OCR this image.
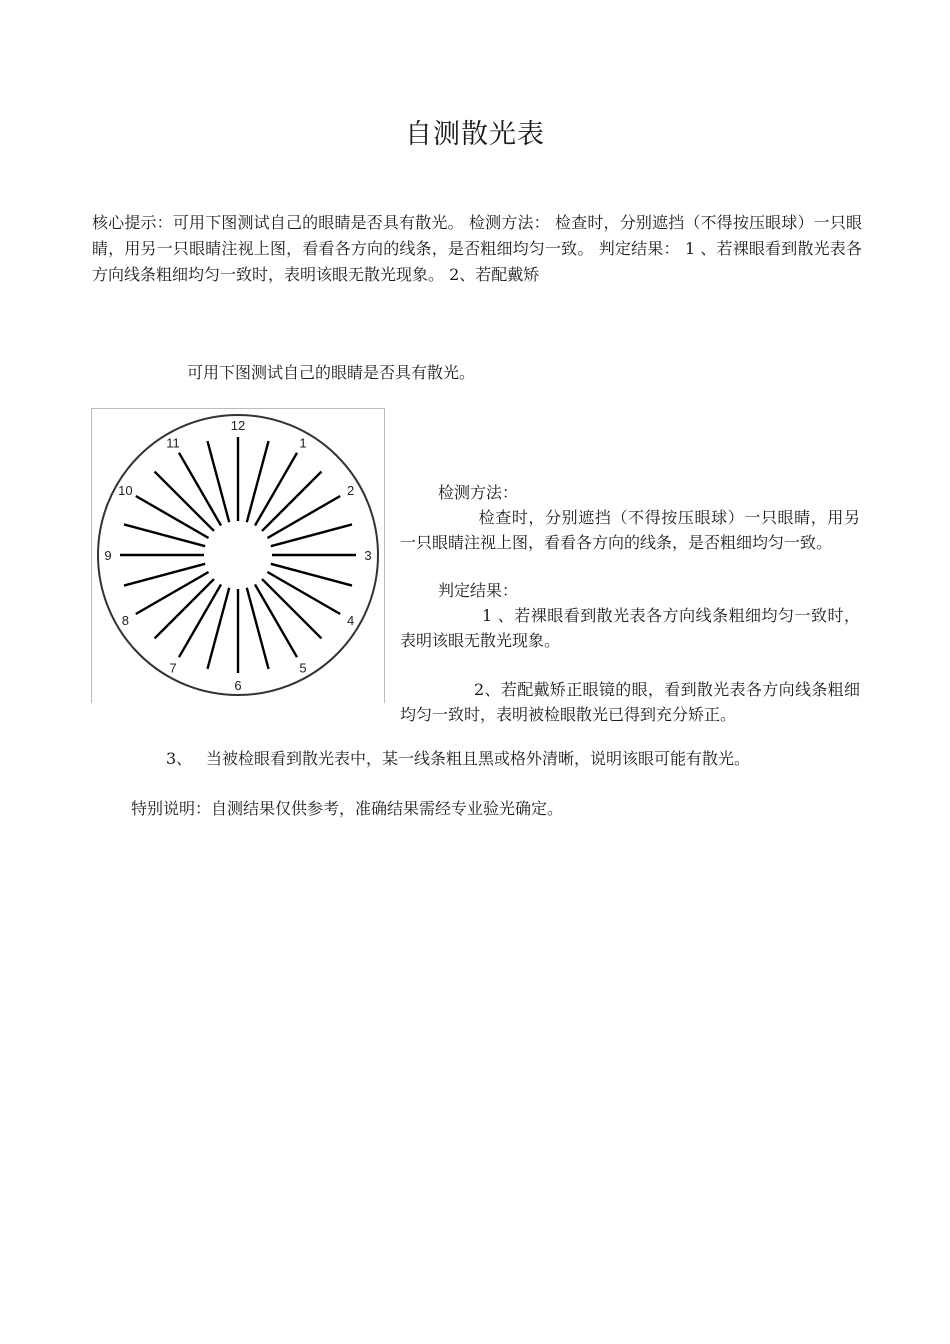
自测散光表
核心提示：可用下图测试自己的眼睛是否具有散光。 检测方法： 检查时，分别遮挡（不得按压眼球）一只眼睛，用另一只眼睛注视上图，看看各方向的线条，是否粗细均匀一致。 判定结果： 1 、若裸眼看到散光表各方向线条粗细均匀一致时，表明该眼无散光现象。 2、若配戴矫
可用下图测试自己的眼睛是否具有散光。
12
1
2
3
4
5
6
7
8
9
10
11
检测方法：
检查时，分别遮挡（不得按压眼球）一只眼睛，用另一只眼睛注视上图，看看各方向的线条，是否粗细均匀一致。
判定结果：
1 、若裸眼看到散光表各方向线条粗细均匀一致时，表明该眼无散光现象。
2、若配戴矫正眼镜的眼，看到散光表各方向线条粗细均匀一致时，表明被检眼散光已得到充分矫正。
3、 当被检眼看到散光表中，某一线条粗且黑或格外清晰，说明该眼可能有散光。
特别说明：自测结果仅供参考，准确结果需经专业验光确定。
